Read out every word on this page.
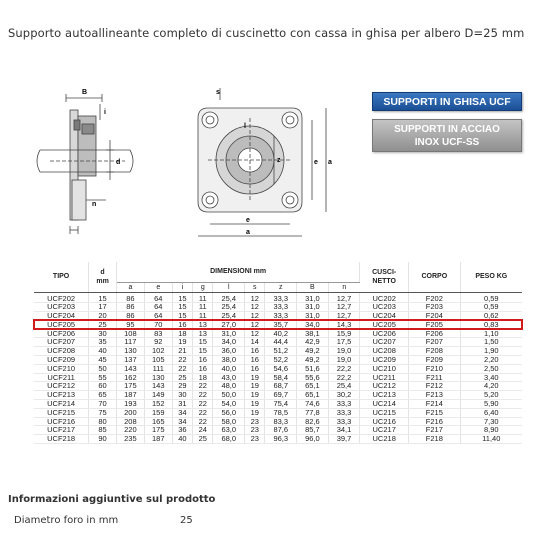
Supporto autoallineante completo di cuscinetto con cassa in ghisa per albero D=25 mm
B
i
d
n
s
l
z	e a
e
a
SUPPORTI IN GHISA UCF
SUPPORTI IN ACCIAO
INOX UCF-SS
TIPO	d
mm	DIMENSIONI mm									CUSCI-
NETTO	CORPO	PESO KG
		a	e	i	g	l	s	z	B	n			
UCF202	15	86	64	15	11	25,4	12	33,3	31,0	12,7	UC202	F202	0,59
UCF203	17	86	64	15	11	25,4	12	33,3	31,0	12,7	UC203	F203	0,59
UCF204	20	86	64	15	11	25,4	12	33,3	31,0	12,7	UC204	F204	0,62
UCF205	25	95	70	16	13	27,0	12	35,7	34,0	14,3	UC205	F205	0,83
UCF206	30	108	83	18	13	31,0	12	40,2	38,1	15,9	UC206	F206	1,10
UCF207	35	117	92	19	15	34,0	14	44,4	42,9	17,5	UC207	F207	1,50
UCF208	40	130	102	21	15	36,0	16	51,2	49,2	19,0	UC208	F208	1,90
UCF209	45	137	105	22	16	38,0	16	52,2	49,2	19,0	UC209	F209	2,20
UCF210	50	143	111	22	16	40,0	16	54,6	51,6	22,2	UC210	F210	2,50
UCF211	55	162	130	25	18	43,0	19	58,4	55,6	22,2	UC211	F211	3,40
UCF212	60	175	143	29	22	48,0	19	68,7	65,1	25,4	UC212	F212	4,20
UCF213	65	187	149	30	22	50,0	19	69,7	65,1	30,2	UC213	F213	5,20
UCF214	70	193	152	31	22	54,0	19	75,4	74,6	33,3	UC214	F214	5,90
UCF215	75	200	159	34	22	56,0	19	78,5	77,8	33,3	UC215	F215	6,40
UCF216	80	208	165	34	22	58,0	23	83,3	82,6	33,3	UC216	F216	7,30
UCF217	85	220	175	36	24	63,0	23	87,6	85,7	34,1	UC217	F217	8,90
UCF218	90	235	187	40	25	68,0	23	96,3	96,0	39,7	UC218	F218	11,40
Informazioni aggiuntive sul prodotto
Diametro foro in mm	25
